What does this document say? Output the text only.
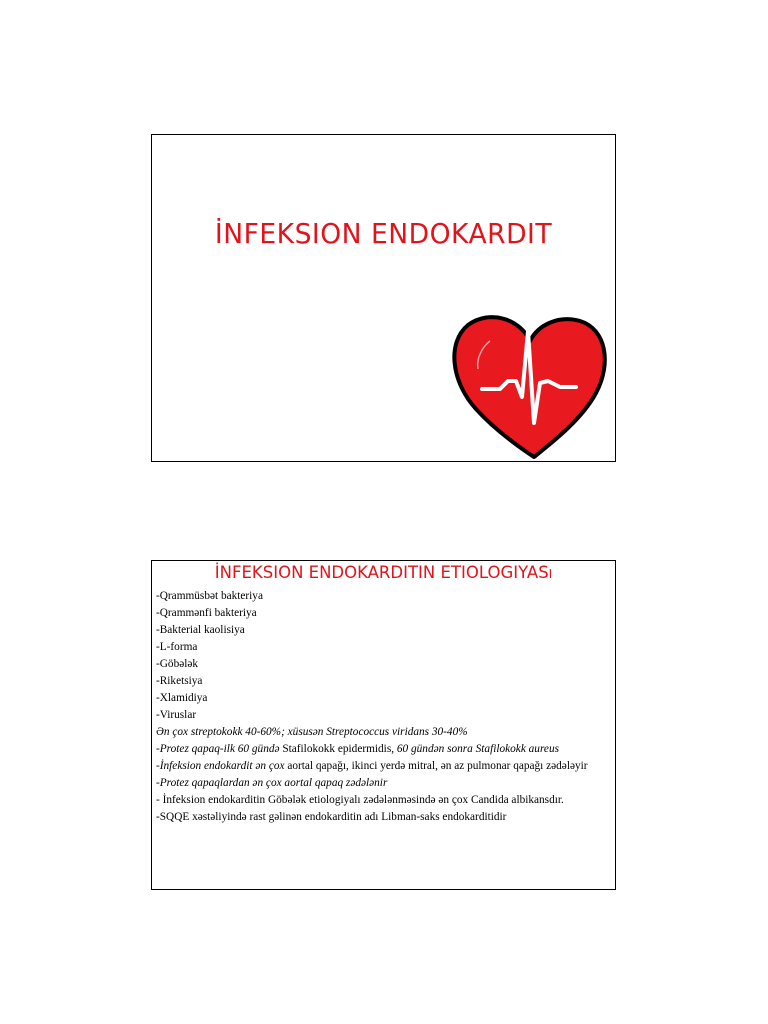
İNFEKSION ENDOKARDIT
İNFEKSION ENDOKARDITIN ETIOLOGIYASı
-Qrammüsbət bakteriya
-Qrammənfi bakteriya
-Bakterial kaolisiya
-L-forma
-Göbələk
-Riketsiya
-Xlamidiya
-Viruslar
Ən çox streptokokk 40-60%; xüsusən Streptococcus viridans 30-40%
-Protez qapaq-ilk 60 gündə Stafilokokk epidermidis, 60 gündən sonra Stafilokokk aureus
-İnfeksion endokardit ən çox aortal qapağı, ikinci yerdə mitral, ən az pulmonar qapağı zədələyir
-Protez qapaqlardan ən çox aortal qapaq zədələnir
- İnfeksion endokarditin Göbələk etiologiyalı zədələnməsində ən çox Candida albikansdır.
-SQQE xəstəliyində rast gəlinən endokarditin adı Libman-saks endokarditidir
